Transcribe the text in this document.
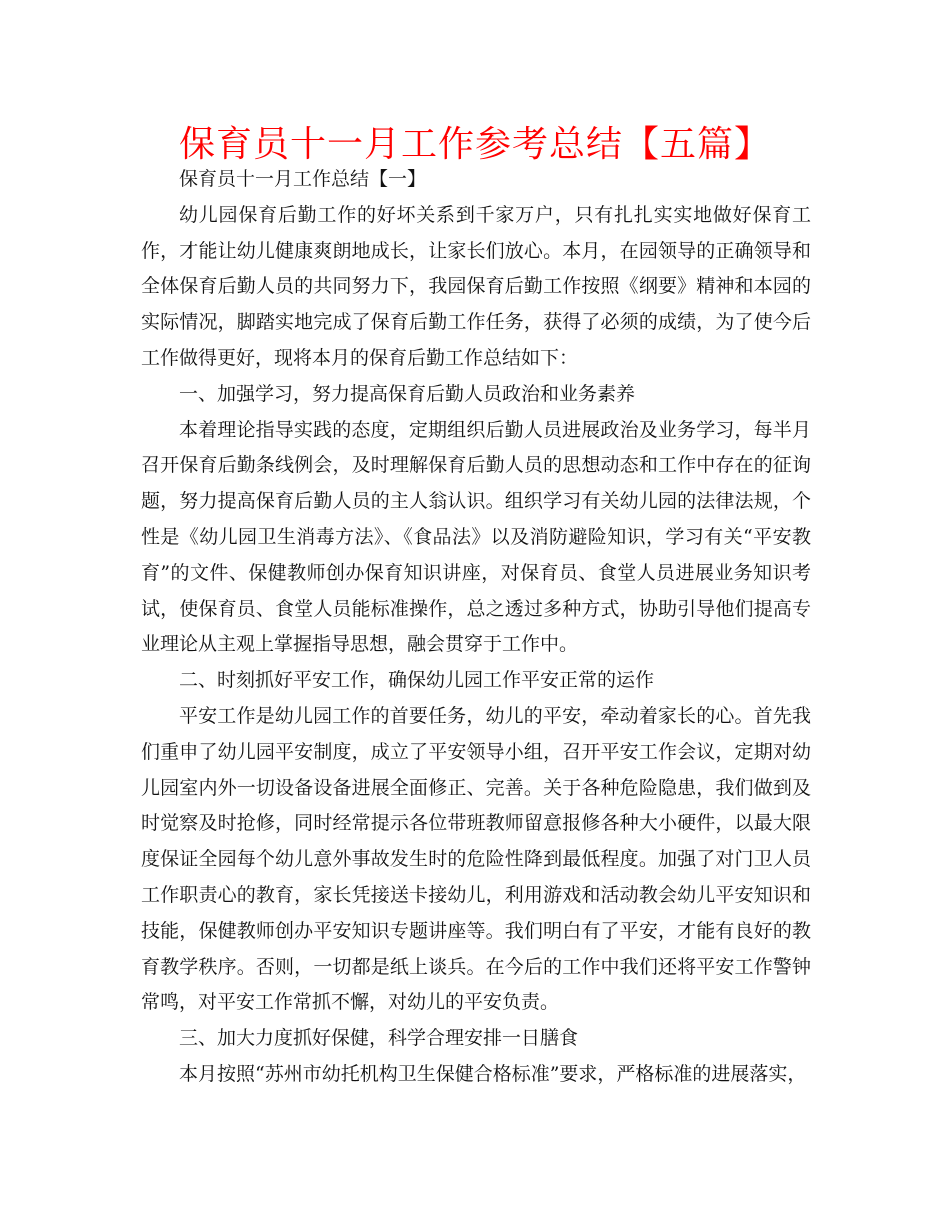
保育员十一月工作参考总结【五篇】

保育员十一月工作总结【一】

幼儿园保育后勤工作的好坏关系到千家万户，只有扎扎实实地做好保育工作，才能让幼儿健康爽朗地成长，让家长们放心。本月，在园领导的正确领导和全体保育后勤人员的共同努力下，我园保育后勤工作按照《纲要》精神和本园的实际情况，脚踏实地完成了保育后勤工作任务，获得了必须的成绩，为了使今后工作做得更好，现将本月的保育后勤工作总结如下：

一、加强学习，努力提高保育后勤人员政治和业务素养

本着理论指导实践的态度，定期组织后勤人员进展政治及业务学习，每半月召开保育后勤条线例会，及时理解保育后勤人员的思想动态和工作中存在的征询题，努力提高保育后勤人员的主人翁认识。组织学习有关幼儿园的法律法规，个性是《幼儿园卫生消毒方法》、《食品法》以及消防避险知识，学习有关“平安教育”的文件、保健教师创办保育知识讲座，对保育员、食堂人员进展业务知识考试，使保育员、食堂人员能标准操作，总之透过多种方式，协助引导他们提高专业理论从主观上掌握指导思想，融会贯穿于工作中。

二、时刻抓好平安工作，确保幼儿园工作平安正常的运作

平安工作是幼儿园工作的首要任务，幼儿的平安，牵动着家长的心。首先我们重申了幼儿园平安制度，成立了平安领导小组，召开平安工作会议，定期对幼儿园室内外一切设备设备进展全面修正、完善。关于各种危险隐患，我们做到及时觉察及时抢修，同时经常提示各位带班教师留意报修各种大小硬件，以最大限度保证全园每个幼儿意外事故发生时的危险性降到最低程度。加强了对门卫人员工作职责心的教育，家长凭接送卡接幼儿，利用游戏和活动教会幼儿平安知识和技能，保健教师创办平安知识专题讲座等。我们明白有了平安，才能有良好的教育教学秩序。否则，一切都是纸上谈兵。在今后的工作中我们还将平安工作警钟常鸣，对平安工作常抓不懈，对幼儿的平安负责。

三、加大力度抓好保健，科学合理安排一日膳食

本月按照“苏州市幼托机构卫生保健合格标准”要求，严格标准的进展落实，
